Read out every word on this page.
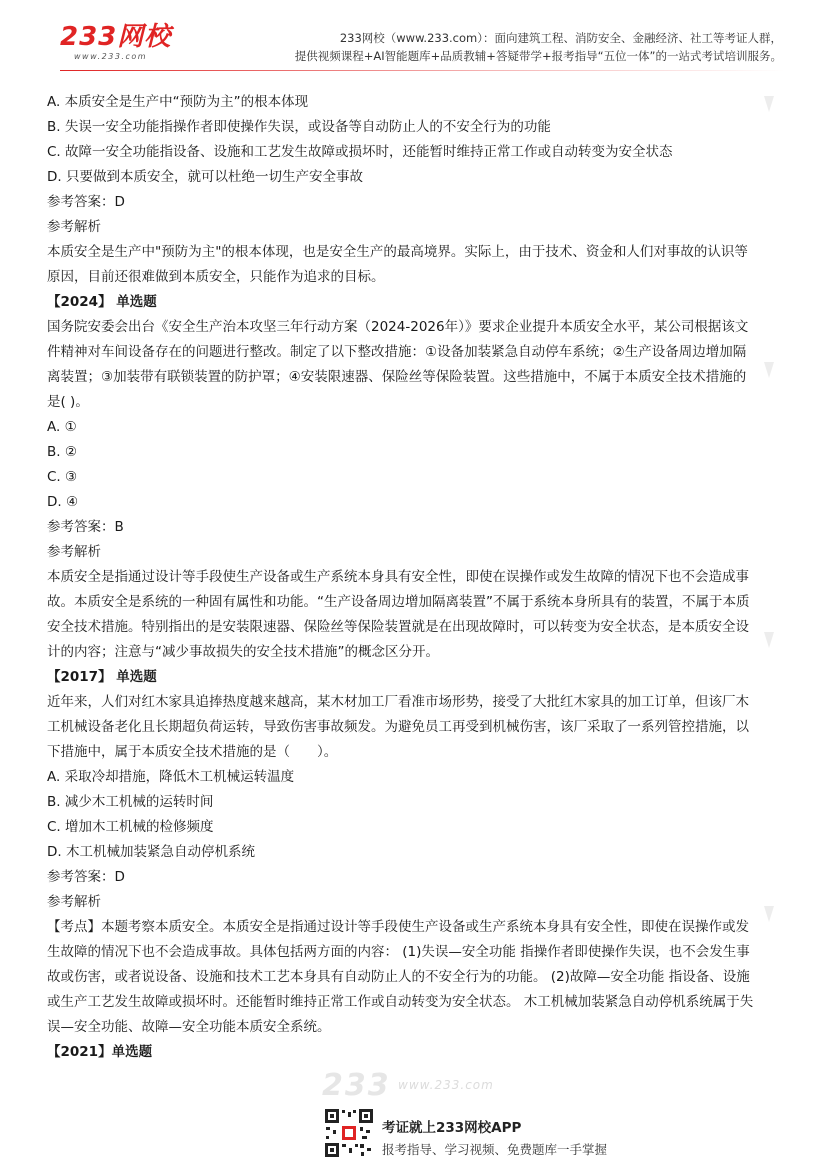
233网校
www.233.com
233网校（www.233.com）：面向建筑工程、消防安全、金融经济、社工等考证人群，
提供视频课程+AI智能题库+品质教辅+答疑带学+报考指导“五位一体”的一站式考试培训服务。

A. 本质安全是生产中“预防为主”的根本体现

B. 失误一安全功能指操作者即使操作失误，或设备等自动防止人的不安全行为的功能

C. 故障一安全功能指设备、设施和工艺发生故障或损坏时，还能暂时维持正常工作或自动转变为安全状态

D. 只要做到本质安全，就可以杜绝一切生产安全事故

参考答案：D

参考解析

本质安全是生产中"预防为主"的根本体现，也是安全生产的最高境界。实际上，由于技术、资金和人们对事故的认识等原因，目前还很难做到本质安全，只能作为追求的目标。

【2024】 单选题

国务院安委会出台《安全生产治本攻坚三年行动方案（2024-2026年）》要求企业提升本质安全水平，某公司根据该文件精神对车间设备存在的问题进行整改。制定了以下整改措施：①设备加装紧急自动停车系统；②生产设备周边增加隔离装置；③加装带有联锁装置的防护罩；④安装限速器、保险丝等保险装置。这些措施中，不属于本质安全技术措施的是( )。

A. ①

B. ②

C. ③

D. ④

参考答案：B

参考解析

本质安全是指通过设计等手段使生产设备或生产系统本身具有安全性，即使在误操作或发生故障的情况下也不会造成事故。本质安全是系统的一种固有属性和功能。“生产设备周边增加隔离装置”不属于系统本身所具有的装置，不属于本质安全技术措施。特别指出的是安装限速器、保险丝等保险装置就是在出现故障时，可以转变为安全状态，是本质安全设计的内容；注意与“减少事故损失的安全技术措施”的概念区分开。

【2017】 单选题

近年来，人们对红木家具追捧热度越来越高，某木材加工厂看准市场形势，接受了大批红木家具的加工订单，但该厂木工机械设备老化且长期超负荷运转，导致伤害事故频发。为避免员工再受到机械伤害，该厂采取了一系列管控措施，以下措施中，属于本质安全技术措施的是（　　）。

A. 采取冷却措施，降低木工机械运转温度

B. 减少木工机械的运转时间

C. 增加木工机械的检修频度

D. 木工机械加装紧急自动停机系统

参考答案：D

参考解析

【考点】本题考察本质安全。本质安全是指通过设计等手段使生产设备或生产系统本身具有安全性，即使在误操作或发生故障的情况下也不会造成事故。具体包括两方面的内容： (1)失误—安全功能 指操作者即使操作失误，也不会发生事故或伤害，或者说设备、设施和技术工艺本身具有自动防止人的不安全行为的功能。 (2)故障—安全功能 指设备、设施或生产工艺发生故障或损坏时。还能暂时维持正常工作或自动转变为安全状态。 木工机械加装紧急自动停机系统属于失误—安全功能、故障—安全功能本质安全系统。

【2021】单选题

233 www.233.com
考证就上233网校APP
报考指导、学习视频、免费题库一手掌握
